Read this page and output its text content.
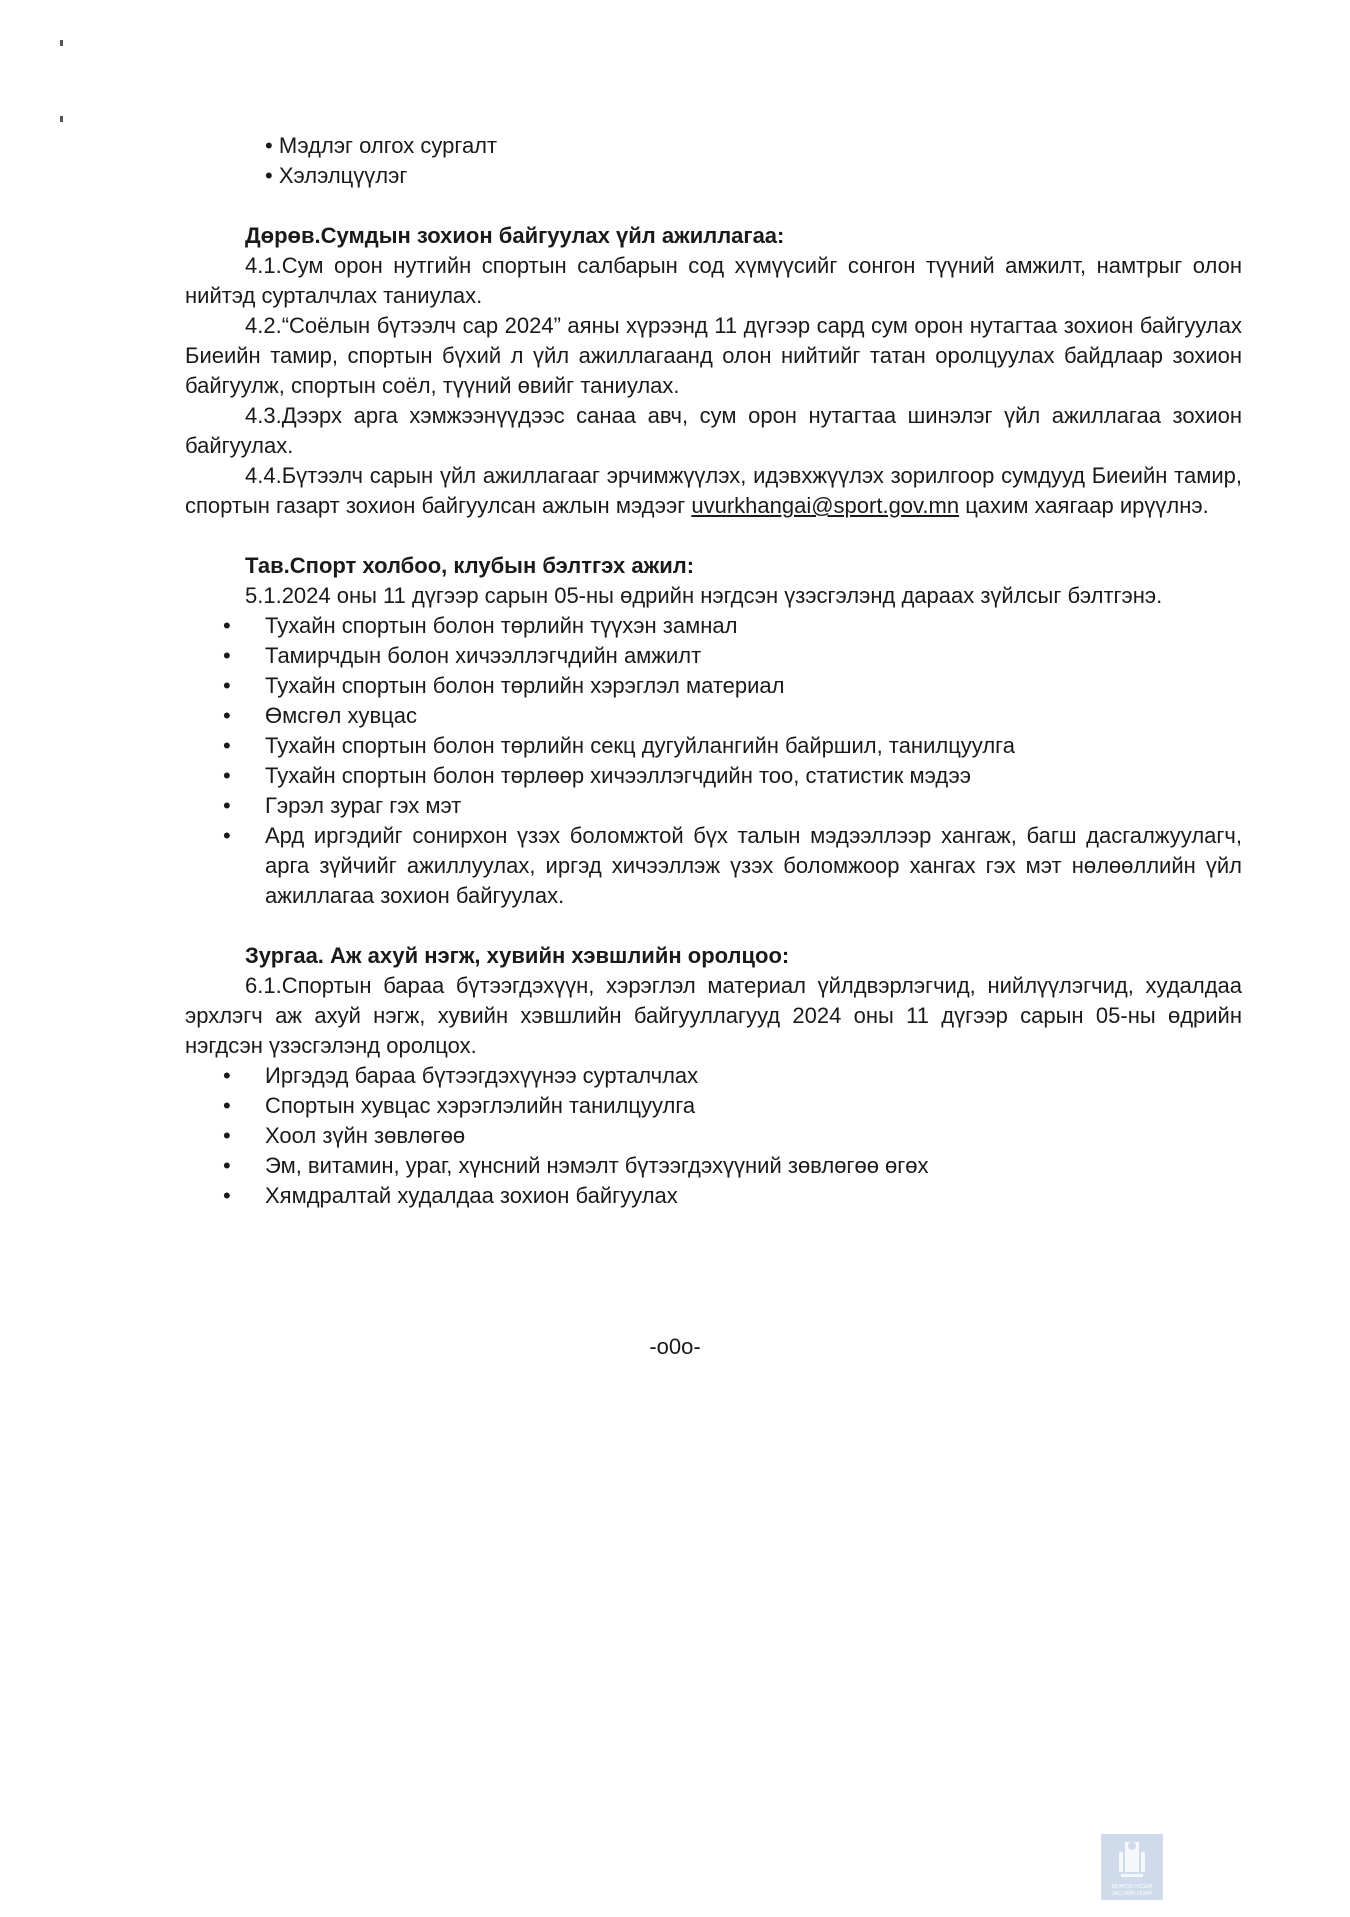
• Мэдлэг олгох сургалт
• Хэлэлцүүлэг
Дөрөв.Сумдын зохион байгуулах үйл ажиллагаа:
4.1.Сум орон нутгийн спортын салбарын сод хүмүүсийг сонгон түүний амжилт, намтрыг олон нийтэд сурталчлах таниулах.
4.2.“Соёлын бүтээлч сар 2024” аяны хүрээнд 11 дүгээр сард сум орон нутагтаа зохион байгуулах Биеийн тамир, спортын бүхий л үйл ажиллагаанд олон нийтийг татан оролцуулах байдлаар зохион байгуулж, спортын соёл, түүний өвийг таниулах.
4.3.Дээрх арга хэмжээнүүдээс санаа авч, сум орон нутагтаа шинэлэг үйл ажиллагаа зохион байгуулах.
4.4.Бүтээлч сарын үйл ажиллагааг эрчимжүүлэх, идэвхжүүлэх зорилгоор сумдууд Биеийн тамир, спортын газарт зохион байгуулсан ажлын мэдээг uvurkhangai@sport.gov.mn цахим хаягаар ирүүлнэ.
Тав.Спорт холбоо, клубын бэлтгэх ажил:
5.1.2024 оны 11 дүгээр сарын 05-ны өдрийн нэгдсэн үзэсгэлэнд дараах зүйлсыг бэлтгэнэ.
• Тухайн спортын болон төрлийн түүхэн замнал
• Тамирчдын болон хичээллэгчдийн амжилт
• Тухайн спортын болон төрлийн хэрэглэл материал
• Өмсгөл хувцас
• Тухайн спортын болон төрлийн секц дугуйлангийн байршил, танилцуулга
• Тухайн спортын болон төрлөөр хичээллэгчдийн тоо, статистик мэдээ
• Гэрэл зураг гэх мэт
• Ард иргэдийг сонирхон үзэх боломжтой бүх талын мэдээллээр хангаж, багш дасгалжуулагч, арга зүйчийг ажиллуулах, иргэд хичээллэж үзэх боломжоор хангах гэх мэт нөлөөллийн үйл ажиллагаа зохион байгуулах.
Зургаа. Аж ахуй нэгж, хувийн хэвшлийн оролцоо:
6.1.Спортын бараа бүтээгдэхүүн, хэрэглэл материал үйлдвэрлэгчид, нийлүүлэгчид, худалдаа эрхлэгч аж ахуй нэгж, хувийн хэвшлийн байгууллагууд 2024 оны 11 дүгээр сарын 05-ны өдрийн нэгдсэн үзэсгэлэнд оролцох.
• Иргэдэд бараа бүтээгдэхүүнээ сурталчлах
• Спортын хувцас хэрэглэлийн танилцуулга
• Хоол зүйн зөвлөгөө
• Эм, витамин, ураг, хүнсний нэмэлт бүтээгдэхүүний зөвлөгөө өгөх
• Хямдралтай худалдаа зохион байгуулах
-o0o-
МОНГОЛ УЛСЫН
ЗАСГИЙН ГАЗАР
